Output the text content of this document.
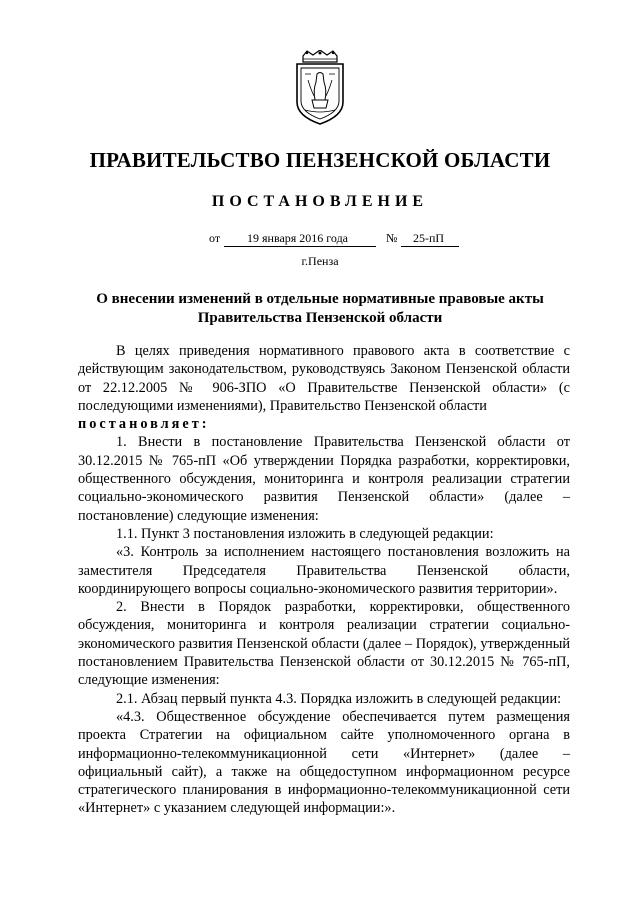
ПРАВИТЕЛЬСТВО ПЕНЗЕНСКОЙ ОБЛАСТИ
ПОСТАНОВЛЕНИЕ
от 19 января 2016 года	№ 25-пП
г.Пенза
О внесении изменений в отдельные нормативные правовые акты
Правительства Пензенской области

В целях приведения нормативного правового акта в соответствие с действующим законодательством, руководствуясь Законом Пензенской области от 22.12.2005 № 906-ЗПО «О Правительстве Пензенской области» (с последующими изменениями), Правительство Пензенской области

постановляет:

1. Внести в постановление Правительства Пензенской области от 30.12.2015 № 765-пП «Об утверждении Порядка разработки, корректировки, общественного обсуждения, мониторинга и контроля реализации стратегии социально-экономического развития Пензенской области» (далее – постановление) следующие изменения:

1.1. Пункт 3 постановления изложить в следующей редакции:

«3. Контроль за исполнением настоящего постановления возложить на заместителя Председателя Правительства Пензенской области, координирующего вопросы социально-экономического развития территории».

2. Внести в Порядок разработки, корректировки, общественного обсуждения, мониторинга и контроля реализации стратегии социально-экономического развития Пензенской области (далее – Порядок), утвержденный постановлением Правительства Пензенской области от 30.12.2015 № 765-пП, следующие изменения:

2.1. Абзац первый пункта 4.3. Порядка изложить в следующей редакции:

«4.3. Общественное обсуждение обеспечивается путем размещения проекта Стратегии на официальном сайте уполномоченного органа в информационно-телекоммуникационной сети «Интернет» (далее – официальный сайт), а также на общедоступном информационном ресурсе стратегического планирования в информационно-телекоммуникационной сети «Интернет» с указанием следующей информации:».
